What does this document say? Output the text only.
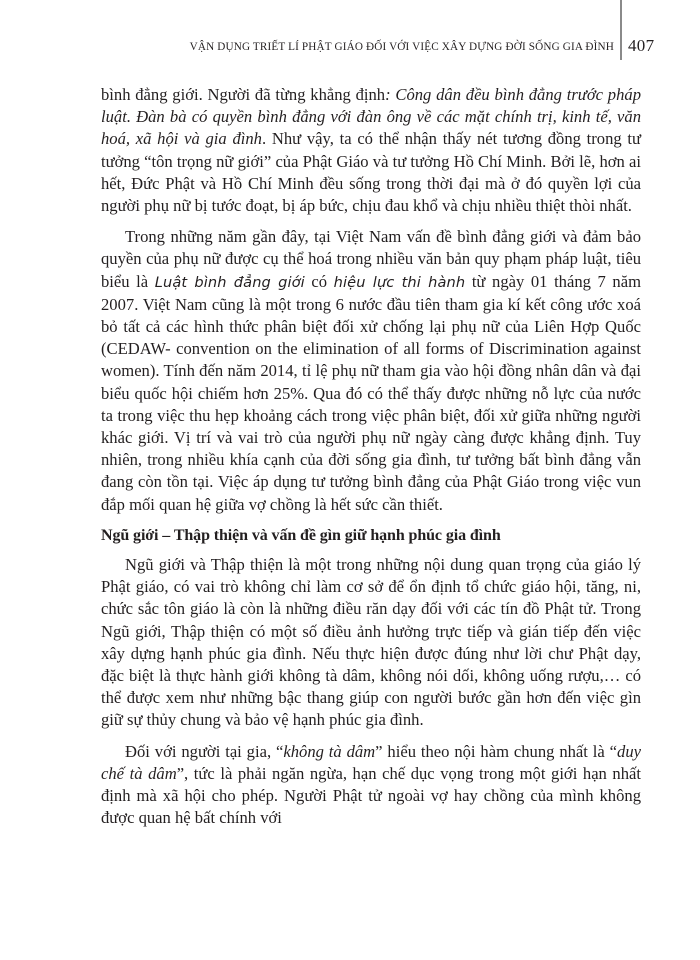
VẬN DỤNG TRIẾT LÍ PHẬT GIÁO ĐỐI VỚI VIỆC XÂY DỰNG ĐỜI SỐNG GIA ĐÌNH 407

bình đẳng giới. Người đã từng khẳng định: Công dân đều bình đẳng trước pháp luật. Đàn bà có quyền bình đẳng với đàn ông về các mặt chính trị, kinh tế, văn hoá, xã hội và gia đình. Như vậy, ta có thể nhận thấy nét tương đồng trong tư tưởng “tôn trọng nữ giới” của Phật Giáo và tư tưởng Hồ Chí Minh. Bởi lẽ, hơn ai hết, Đức Phật và Hồ Chí Minh đều sống trong thời đại mà ở đó quyền lợi của người phụ nữ bị tước đoạt, bị áp bức, chịu đau khổ và chịu nhiều thiệt thòi nhất.

Trong những năm gần đây, tại Việt Nam vấn đề bình đẳng giới và đảm bảo quyền của phụ nữ được cụ thể hoá trong nhiều văn bản quy phạm pháp luật, tiêu biểu là Luật bình đẳng giới có hiệu lực thi hành từ ngày 01 tháng 7 năm 2007. Việt Nam cũng là một trong 6 nước đầu tiên tham gia kí kết công ước xoá bỏ tất cả các hình thức phân biệt đối xử chống lại phụ nữ của Liên Hợp Quốc (CEDAW- convention on the elimination of all forms of Discrimination against women). Tính đến năm 2014, tỉ lệ phụ nữ tham gia vào hội đồng nhân dân và đại biểu quốc hội chiếm hơn 25%. Qua đó có thể thấy được những nỗ lực của nước ta trong việc thu hẹp khoảng cách trong việc phân biệt, đối xử giữa những người khác giới. Vị trí và vai trò của người phụ nữ ngày càng được khẳng định. Tuy nhiên, trong nhiều khía cạnh của đời sống gia đình, tư tưởng bất bình đẳng vẫn đang còn tồn tại. Việc áp dụng tư tưởng bình đẳng của Phật Giáo trong việc vun đắp mối quan hệ giữa vợ chồng là hết sức cần thiết.

Ngũ giới – Thập thiện và vấn đề gìn giữ hạnh phúc gia đình

Ngũ giới và Thập thiện là một trong những nội dung quan trọng của giáo lý Phật giáo, có vai trò không chỉ làm cơ sở để ổn định tổ chức giáo hội, tăng, ni, chức sắc tôn giáo là còn là những điều răn dạy đối với các tín đồ Phật tử. Trong Ngũ giới, Thập thiện có một số điều ảnh hưởng trực tiếp và gián tiếp đến việc xây dựng hạnh phúc gia đình. Nếu thực hiện được đúng như lời chư Phật dạy, đặc biệt là thực hành giới không tà dâm, không nói dối, không uống rượu,… có thể được xem như những bậc thang giúp con người bước gần hơn đến việc gìn giữ sự thủy chung và bảo vệ hạnh phúc gia đình.

Đối với người tại gia, “không tà dâm” hiểu theo nội hàm chung nhất là “duy chế tà dâm”, tức là phải ngăn ngừa, hạn chế dục vọng trong một giới hạn nhất định mà xã hội cho phép. Người Phật tử ngoài vợ hay chồng của mình không được quan hệ bất chính với
